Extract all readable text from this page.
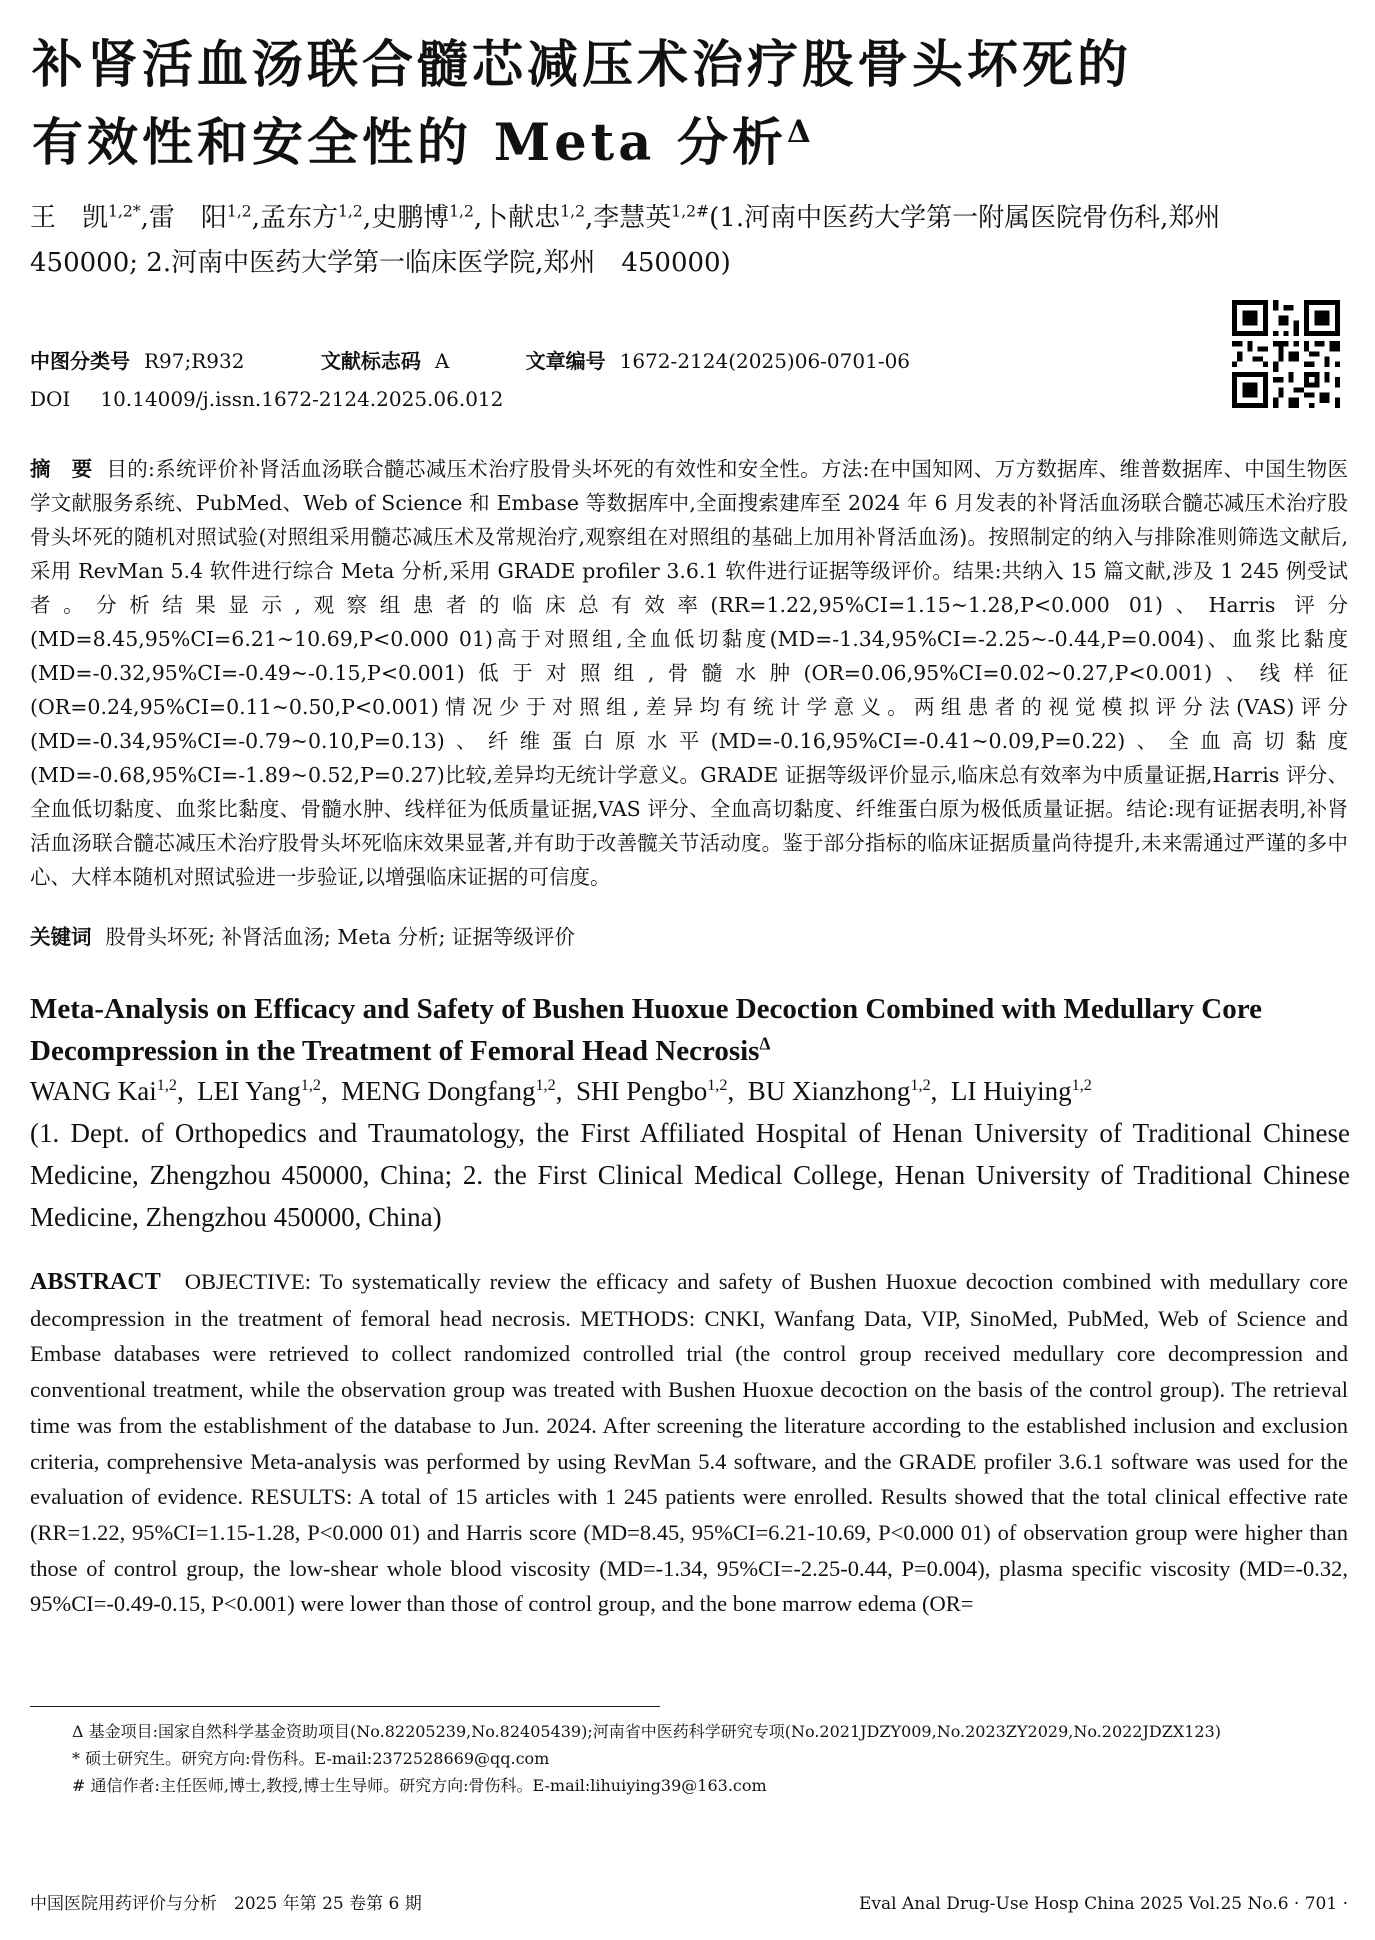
补肾活血汤联合髓芯减压术治疗股骨头坏死的
有效性和安全性的 Meta 分析$^\Delta$

王　凯$^{1,2*}$,雷　阳$^{1,2}$,孟东方$^{1,2}$,史鹏博$^{1,2}$,卜献忠$^{1,2}$,李慧英$^{1,2\#}$(1.河南中医药大学第一附属医院骨伤科,郑州　450000; 2.河南中医药大学第一临床医学院,郑州　450000)

中图分类号 R97;R932	文献标志码 A	文章编号 1672-2124(2025)06-0701-06
DOI 10.14009/j.issn.1672-2124.2025.06.012

摘　要 目的:系统评价补肾活血汤联合髓芯减压术治疗股骨头坏死的有效性和安全性。方法:在中国知网、万方数据库、维普数据库、中国生物医学文献服务系统、PubMed、Web of Science 和 Embase 等数据库中,全面搜索建库至 2024 年 6 月发表的补肾活血汤联合髓芯减压术治疗股骨头坏死的随机对照试验(对照组采用髓芯减压术及常规治疗,观察组在对照组的基础上加用补肾活血汤)。按照制定的纳入与排除准则筛选文献后,采用 RevMan 5.4 软件进行综合 Meta 分析,采用 GRADE profiler 3.6.1 软件进行证据等级评价。结果:共纳入 15 篇文献,涉及 1 245 例受试者。分析结果显示,观察组患者的临床总有效率(RR=1.22,95%CI=1.15~1.28,P<0.000 01)、Harris 评分(MD=8.45,95%CI=6.21~10.69,P<0.000 01)高于对照组,全血低切黏度(MD=-1.34,95%CI=-2.25~-0.44,P=0.004)、血浆比黏度(MD=-0.32,95%CI=-0.49~-0.15,P<0.001)低于对照组,骨髓水肿(OR=0.06,95%CI=0.02~0.27,P<0.001)、线样征(OR=0.24,95%CI=0.11~0.50,P<0.001)情况少于对照组,差异均有统计学意义。两组患者的视觉模拟评分法(VAS)评分(MD=-0.34,95%CI=-0.79~0.10,P=0.13)、纤维蛋白原水平(MD=-0.16,95%CI=-0.41~0.09,P=0.22)、全血高切黏度(MD=-0.68,95%CI=-1.89~0.52,P=0.27)比较,差异均无统计学意义。GRADE 证据等级评价显示,临床总有效率为中质量证据,Harris 评分、全血低切黏度、血浆比黏度、骨髓水肿、线样征为低质量证据,VAS 评分、全血高切黏度、纤维蛋白原为极低质量证据。结论:现有证据表明,补肾活血汤联合髓芯减压术治疗股骨头坏死临床效果显著,并有助于改善髋关节活动度。鉴于部分指标的临床证据质量尚待提升,未来需通过严谨的多中心、大样本随机对照试验进一步验证,以增强临床证据的可信度。

关键词 股骨头坏死; 补肾活血汤; Meta 分析; 证据等级评价
Meta-Analysis on Efficacy and Safety of Bushen Huoxue Decoction Combined with Medullary Core Decompression in the Treatment of Femoral Head Necrosis$^\Delta$

WANG Kai$^{1,2}$,  LEI Yang$^{1,2}$,  MENG Dongfang$^{1,2}$,  SHI Pengbo$^{1,2}$,  BU Xianzhong$^{1,2}$,  LI Huiying$^{1,2}$
(1. Dept. of Orthopedics and Traumatology, the First Affiliated Hospital of Henan University of Traditional Chinese Medicine, Zhengzhou 450000, China; 2. the First Clinical Medical College, Henan University of Traditional Chinese Medicine, Zhengzhou 450000, China)

ABSTRACT OBJECTIVE: To systematically review the efficacy and safety of Bushen Huoxue decoction combined with medullary core decompression in the treatment of femoral head necrosis. METHODS: CNKI, Wanfang Data, VIP, SinoMed, PubMed, Web of Science and Embase databases were retrieved to collect randomized controlled trial (the control group received medullary core decompression and conventional treatment, while the observation group was treated with Bushen Huoxue decoction on the basis of the control group). The retrieval time was from the establishment of the database to Jun. 2024. After screening the literature according to the established inclusion and exclusion criteria, comprehensive Meta-analysis was performed by using RevMan 5.4 software, and the GRADE profiler 3.6.1 software was used for the evaluation of evidence. RESULTS: A total of 15 articles with 1 245 patients were enrolled. Results showed that the total clinical effective rate (RR=1.22, 95%CI=1.15-1.28, P<0.000 01) and Harris score (MD=8.45, 95%CI=6.21-10.69, P<0.000 01) of observation group were higher than those of control group, the low-shear whole blood viscosity (MD=-1.34, 95%CI=-2.25-0.44, P=0.004), plasma specific viscosity (MD=-0.32, 95%CI=-0.49-0.15, P<0.001) were lower than those of control group, and the bone marrow edema (OR=

Δ 基金项目:国家自然科学基金资助项目(No.82205239,No.82405439);河南省中医药科学研究专项(No.2021JDZY009,No.2023ZY2029,No.2022JDZX123)

* 硕士研究生。研究方向:骨伤科。E-mail:2372528669@qq.com

# 通信作者:主任医师,博士,教授,博士生导师。研究方向:骨伤科。E-mail:lihuiying39@163.com

中国医院用药评价与分析　2025 年第 25 卷第 6 期	Eval Anal Drug-Use Hosp China 2025 Vol.25 No.6 · 701 ·
